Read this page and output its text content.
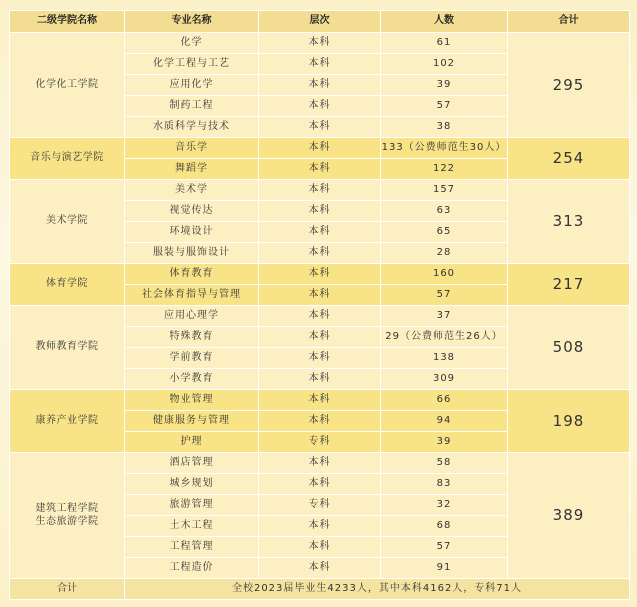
二级学院名称	专业名称	层次	人数	合计

化学化工学院	化学	本科	61	295
	化学工程与工艺	本科	102	
	应用化学	本科	39	
	制药工程	本科	57	
	水质科学与技术	本科	38	

音乐与演艺学院	音乐学	本科	133（公费师范生30人）	254
	舞蹈学	本科	122	

美术学院	美术学	本科	157	313
	视觉传达	本科	63	
	环境设计	本科	65	
	服装与服饰设计	本科	28	

体育学院	体育教育	本科	160	217
	社会体育指导与管理	本科	57	

教师教育学院	应用心理学	本科	37	508
	特殊教育	本科	29（公费师范生26人）	
	学前教育	本科	138	
	小学教育	本科	309	

康养产业学院	物业管理	本科	66	198
	健康服务与管理	本科	94	
	护理	专科	39	

建筑工程学院
生态旅游学院	酒店管理	本科	58	389
	城乡规划	本科	83	
	旅游管理	专科	32	
	土木工程	本科	68	
	工程管理	本科	57	
	工程造价	本科	91	
合计	全校2023届毕业生4233人，其中本科4162人，专科71人			
